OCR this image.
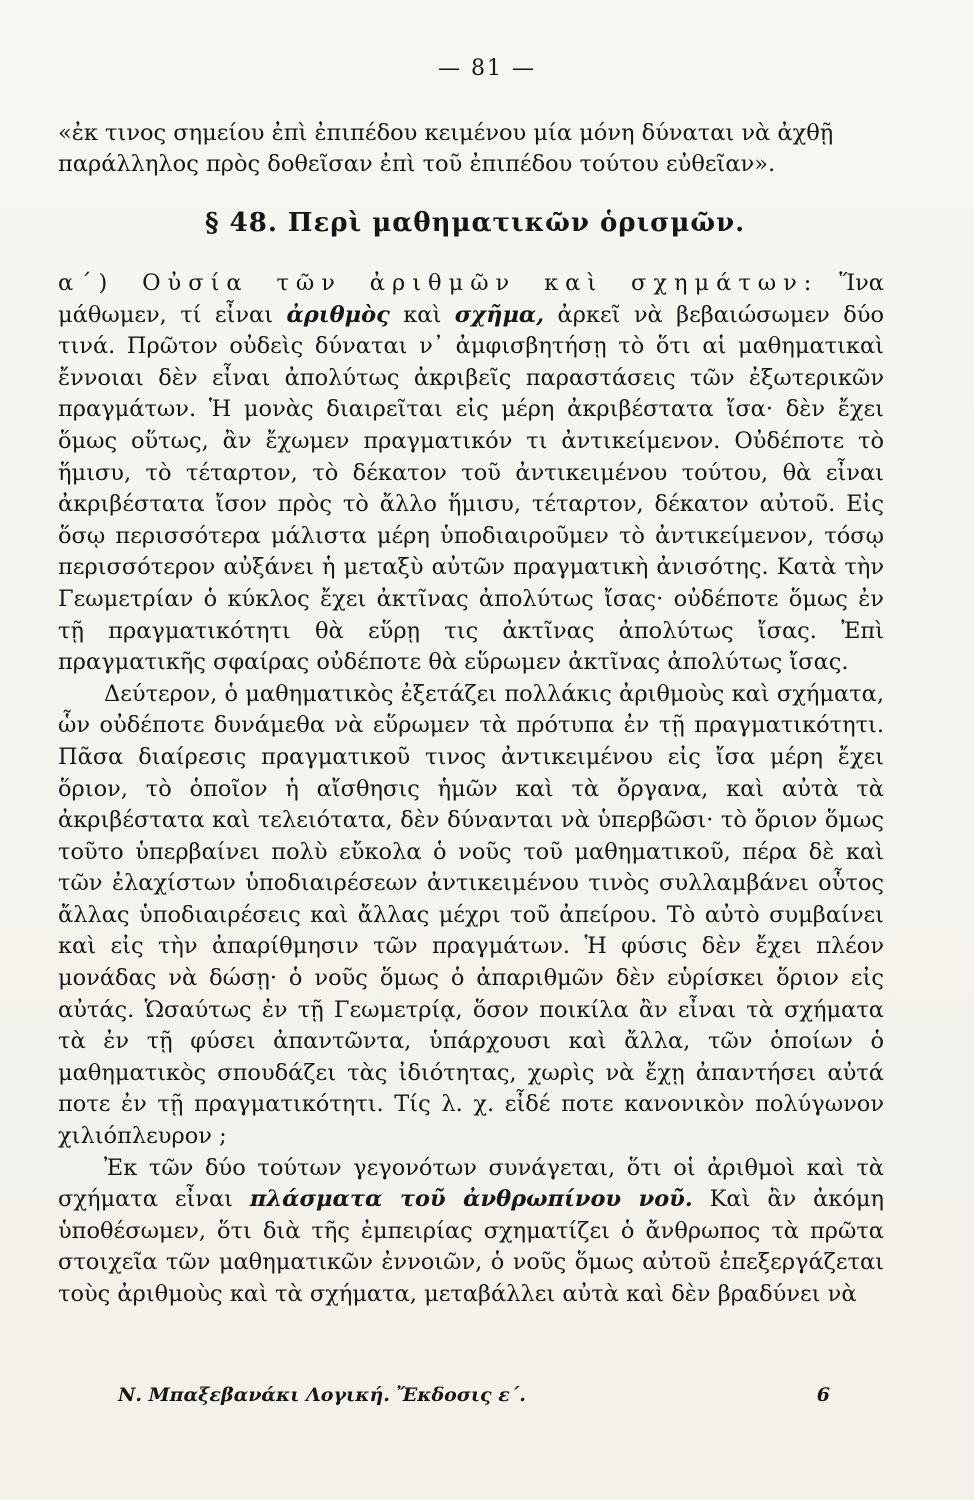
— 81 —
«ἐκ τινος σημείου ἐπὶ ἐπιπέδου κειμένου μία μόνη δύναται νὰ ἀχθῇ παράλληλος πρὸς δοθεῖσαν ἐπὶ τοῦ ἐπιπέδου τούτου εὐθεῖαν».
§ 48. Περὶ μαθηματικῶν ὁρισμῶν.

α΄) Οὐσία τῶν ἀριθμῶν καὶ σχημάτων: Ἵνα μάθωμεν, τί εἶναι ἀριθμὸς καὶ σχῆμα, ἀρκεῖ νὰ βεβαιώσωμεν δύο τινά. Πρῶτον οὐδεὶς δύναται ν᾿ ἀμφισβητήσῃ τὸ ὅτι αἱ μαθηματικαὶ ἔννοιαι δὲν εἶναι ἀπολύτως ἀκριβεῖς παραστάσεις τῶν ἐξωτερικῶν πραγμάτων. Ἡ μονὰς διαιρεῖται εἰς μέρη ἀκριβέστατα ἴσα· δὲν ἔχει ὅμως οὕτως, ἂν ἔχωμεν πραγματικόν τι ἀντικείμενον. Οὐδέποτε τὸ ἥμισυ, τὸ τέταρτον, τὸ δέκατον τοῦ ἀντικειμένου τούτου, θὰ εἶναι ἀκριβέστατα ἴσον πρὸς τὸ ἄλλο ἥμισυ, τέταρτον, δέκατον αὐτοῦ. Εἰς ὅσῳ περισσότερα μάλιστα μέρη ὑποδιαιροῦμεν τὸ ἀντικείμενον, τόσῳ περισσότερον αὐξάνει ἡ μεταξὺ αὐτῶν πραγματικὴ ἀνισότης. Κατὰ τὴν Γεωμετρίαν ὁ κύκλος ἔχει ἀκτῖνας ἀπολύτως ἴσας· οὐδέποτε ὅμως ἐν τῇ πραγματικότητι θὰ εὕρῃ τις ἀκτῖνας ἀπολύτως ἴσας. Ἐπὶ πραγματικῆς σφαίρας οὐδέποτε θὰ εὕρωμεν ἀκτῖνας ἀπολύτως ἴσας.

Δεύτερον, ὁ μαθηματικὸς ἐξετάζει πολλάκις ἀριθμοὺς καὶ σχήματα, ὧν οὐδέποτε δυνάμεθα νὰ εὕρωμεν τὰ πρότυπα ἐν τῇ πραγματικότητι. Πᾶσα διαίρεσις πραγματικοῦ τινος ἀντικειμένου εἰς ἴσα μέρη ἔχει ὅριον, τὸ ὁποῖον ἡ αἴσθησις ἡμῶν καὶ τὰ ὄργανα, καὶ αὐτὰ τὰ ἀκριβέστατα καὶ τελειότατα, δὲν δύνανται νὰ ὑπερβῶσι· τὸ ὅριον ὅμως τοῦτο ὑπερβαίνει πολὺ εὔκολα ὁ νοῦς τοῦ μαθηματικοῦ, πέρα δὲ καὶ τῶν ἐλαχίστων ὑποδιαιρέσεων ἀντικειμένου τινὸς συλλαμβάνει οὗτος ἄλλας ὑποδιαιρέσεις καὶ ἄλλας μέχρι τοῦ ἀπείρου. Τὸ αὐτὸ συμβαίνει καὶ εἰς τὴν ἀπαρίθμησιν τῶν πραγμάτων. Ἡ φύσις δὲν ἔχει πλέον μονάδας νὰ δώσῃ· ὁ νοῦς ὅμως ὁ ἀπαριθμῶν δὲν εὑρίσκει ὅριον εἰς αὐτάς. Ὡσαύτως ἐν τῇ Γεωμετρίᾳ, ὅσον ποικίλα ἂν εἶναι τὰ σχήματα τὰ ἐν τῇ φύσει ἀπαντῶντα, ὑπάρχουσι καὶ ἄλλα, τῶν ὁποίων ὁ μαθηματικὸς σπουδάζει τὰς ἰδιότητας, χωρὶς νὰ ἔχῃ ἀπαντήσει αὐτά ποτε ἐν τῇ πραγματικότητι. Τίς λ. χ. εἶδέ ποτε κανονικὸν πολύγωνον χιλιόπλευρον ;

Ἐκ τῶν δύο τούτων γεγονότων συνάγεται, ὅτι οἱ ἀριθμοὶ καὶ τὰ σχήματα εἶναι πλάσματα τοῦ ἀνθρωπίνου νοῦ. Καὶ ἂν ἀκόμη ὑποθέσωμεν, ὅτι διὰ τῆς ἐμπειρίας σχηματίζει ὁ ἄνθρωπος τὰ πρῶτα στοιχεῖα τῶν μαθηματικῶν ἐννοιῶν, ὁ νοῦς ὅμως αὐτοῦ ἐπεξεργάζεται τοὺς ἀριθμοὺς καὶ τὰ σχήματα, μεταβάλλει αὐτὰ καὶ δὲν βραδύνει νὰ

Ν. Μπαξεβανάκι Λογική. Ἔκδοσις ε΄.	6
